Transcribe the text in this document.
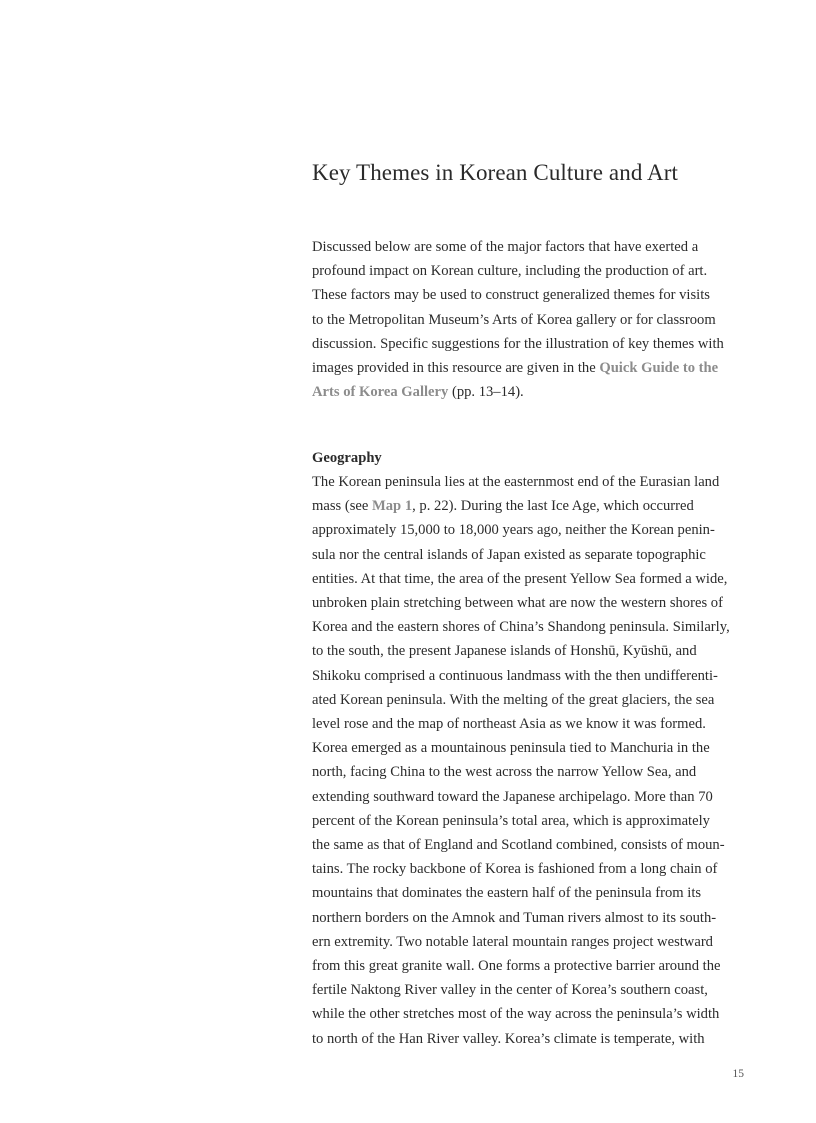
Key Themes in Korean Culture and Art

Discussed below are some of the major factors that have exerted a
profound impact on Korean culture, including the production of art.
These factors may be used to construct generalized themes for visits
to the Metropolitan Museum’s Arts of Korea gallery or for classroom
discussion. Specific suggestions for the illustration of key themes with
images provided in this resource are given in the Quick Guide to the
Arts of Korea Gallery (pp. 13–14).

Geography

The Korean peninsula lies at the easternmost end of the Eurasian land
mass (see Map 1, p. 22). During the last Ice Age, which occurred
approximately 15,000 to 18,000 years ago, neither the Korean penin-
sula nor the central islands of Japan existed as separate topographic
entities. At that time, the area of the present Yellow Sea formed a wide,
unbroken plain stretching between what are now the western shores of
Korea and the eastern shores of China’s Shandong peninsula. Similarly,
to the south, the present Japanese islands of Honshū, Kyūshū, and
Shikoku comprised a continuous landmass with the then undifferenti-
ated Korean peninsula. With the melting of the great glaciers, the sea
level rose and the map of northeast Asia as we know it was formed.
Korea emerged as a mountainous peninsula tied to Manchuria in the
north, facing China to the west across the narrow Yellow Sea, and
extending southward toward the Japanese archipelago. More than 70
percent of the Korean peninsula’s total area, which is approximately
the same as that of England and Scotland combined, consists of moun-
tains. The rocky backbone of Korea is fashioned from a long chain of
mountains that dominates the eastern half of the peninsula from its
northern borders on the Amnok and Tuman rivers almost to its south-
ern extremity. Two notable lateral mountain ranges project westward
from this great granite wall. One forms a protective barrier around the
fertile Naktong River valley in the center of Korea’s southern coast,
while the other stretches most of the way across the peninsula’s width
to north of the Han River valley. Korea’s climate is temperate, with

15
